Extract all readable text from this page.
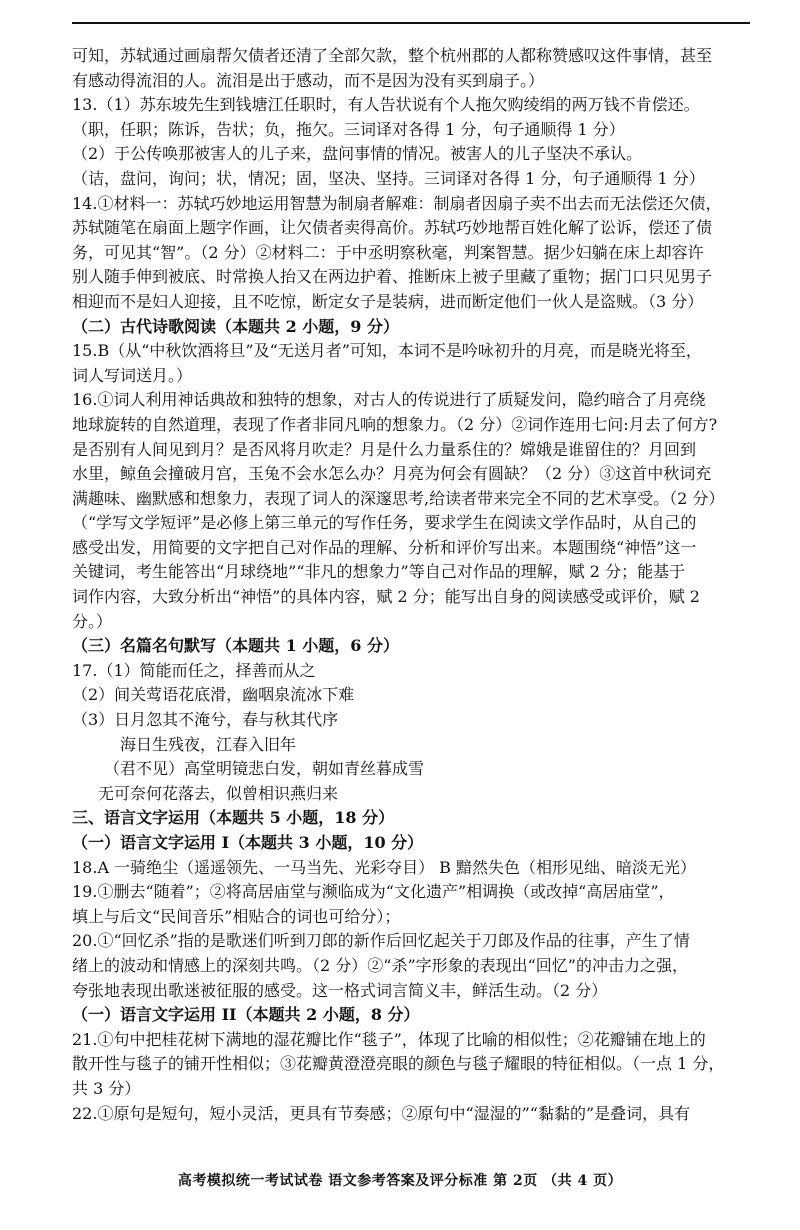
可知，苏轼通过画扇帮欠债者还清了全部欠款，整个杭州郡的人都称赞感叹这件事情，甚至
有感动得流泪的人。流泪是出于感动，而不是因为没有买到扇子。）
13.（1）苏东坡先生到钱塘江任职时，有人告状说有个人拖欠购绫绢的两万钱不肯偿还。
（职，任职；陈诉，告状；负，拖欠。三词译对各得 1 分，句子通顺得 1 分）
（2）于公传唤那被害人的儿子来，盘问事情的情况。被害人的儿子坚决不承认。
（诘，盘问，询问；状，情况；固，坚决、坚持。三词译对各得 1 分，句子通顺得 1 分）
14.①材料一：苏轼巧妙地运用智慧为制扇者解难：制扇者因扇子卖不出去而无法偿还欠债，
苏轼随笔在扇面上题字作画，让欠债者卖得高价。苏轼巧妙地帮百姓化解了讼诉，偿还了债
务，可见其“智”。（2 分）②材料二：于中丞明察秋毫，判案智慧。据少妇躺在床上却容许
别人随手伸到被底、时常换人抬又在两边护着、推断床上被子里藏了重物；据门口只见男子
相迎而不是妇人迎接，且不吃惊，断定女子是装病，进而断定他们一伙人是盗贼。（3 分）
（二）古代诗歌阅读（本题共 2 小题，9 分）
15.B（从“中秋饮酒将旦”及“无送月者”可知，本词不是吟咏初升的月亮，而是晓光将至，
词人写词送月。）
16.①词人利用神话典故和独特的想象，对古人的传说进行了质疑发问，隐约暗合了月亮绕
地球旋转的自然道理，表现了作者非同凡响的想象力。（2 分）②词作连用七问:月去了何方?
是否别有人间见到月？是否风将月吹走？月是什么力量系住的？嫦娥是谁留住的？月回到
水里，鲸鱼会撞破月宫，玉兔不会水怎么办？月亮为何会有圆缺？（2 分）③这首中秋词充
满趣味、幽默感和想象力，表现了词人的深邃思考,给读者带来完全不同的艺术享受。（2 分）
（“学写文学短评”是必修上第三单元的写作任务，要求学生在阅读文学作品时，从自己的
感受出发，用简要的文字把自己对作品的理解、分析和评价写出来。本题围绕“神悟”这一
关键词，考生能答出“月球绕地”“非凡的想象力”等自己对作品的理解，赋 2 分；能基于
词作内容，大致分析出“神悟”的具体内容，赋 2 分；能写出自身的阅读感受或评价，赋 2
分。）
（三）名篇名句默写（本题共 1 小题，6 分）
17.（1）简能而任之，择善而从之
（2）间关莺语花底滑，幽咽泉流冰下难
（3）日月忽其不淹兮，春与秋其代序
海日生残夜，江春入旧年
（君不见）高堂明镜悲白发，朝如青丝暮成雪
无可奈何花落去，似曾相识燕归来
三、语言文字运用（本题共 5 小题，18 分）
（一）语言文字运用 I（本题共 3 小题，10 分）
18.A 一骑绝尘（遥遥领先、一马当先、光彩夺目） B 黯然失色（相形见绌、暗淡无光）
19.①删去“随着”；②将高居庙堂与濒临成为“文化遗产”相调换（或改掉“高居庙堂”，
填上与后文“民间音乐”相贴合的词也可给分）；
20.①“回忆杀”指的是歌迷们听到刀郎的新作后回忆起关于刀郎及作品的往事，产生了情
绪上的波动和情感上的深刻共鸣。（2 分）②“杀”字形象的表现出“回忆”的冲击力之强，
夸张地表现出歌迷被征服的感受。这一格式词言简义丰，鲜活生动。（2 分）
（一）语言文字运用 II（本题共 2 小题，8 分）
21.①句中把桂花树下满地的湿花瓣比作“毯子”，体现了比喻的相似性；②花瓣铺在地上的
散开性与毯子的铺开性相似；③花瓣黄澄澄亮眼的颜色与毯子耀眼的特征相似。（一点 1 分，
共 3 分）
22.①原句是短句，短小灵活，更具有节奏感；②原句中“湿湿的”“黏黏的”是叠词，具有
高考模拟统一考试试卷 语文参考答案及评分标准 第 2页 （共 4 页）
